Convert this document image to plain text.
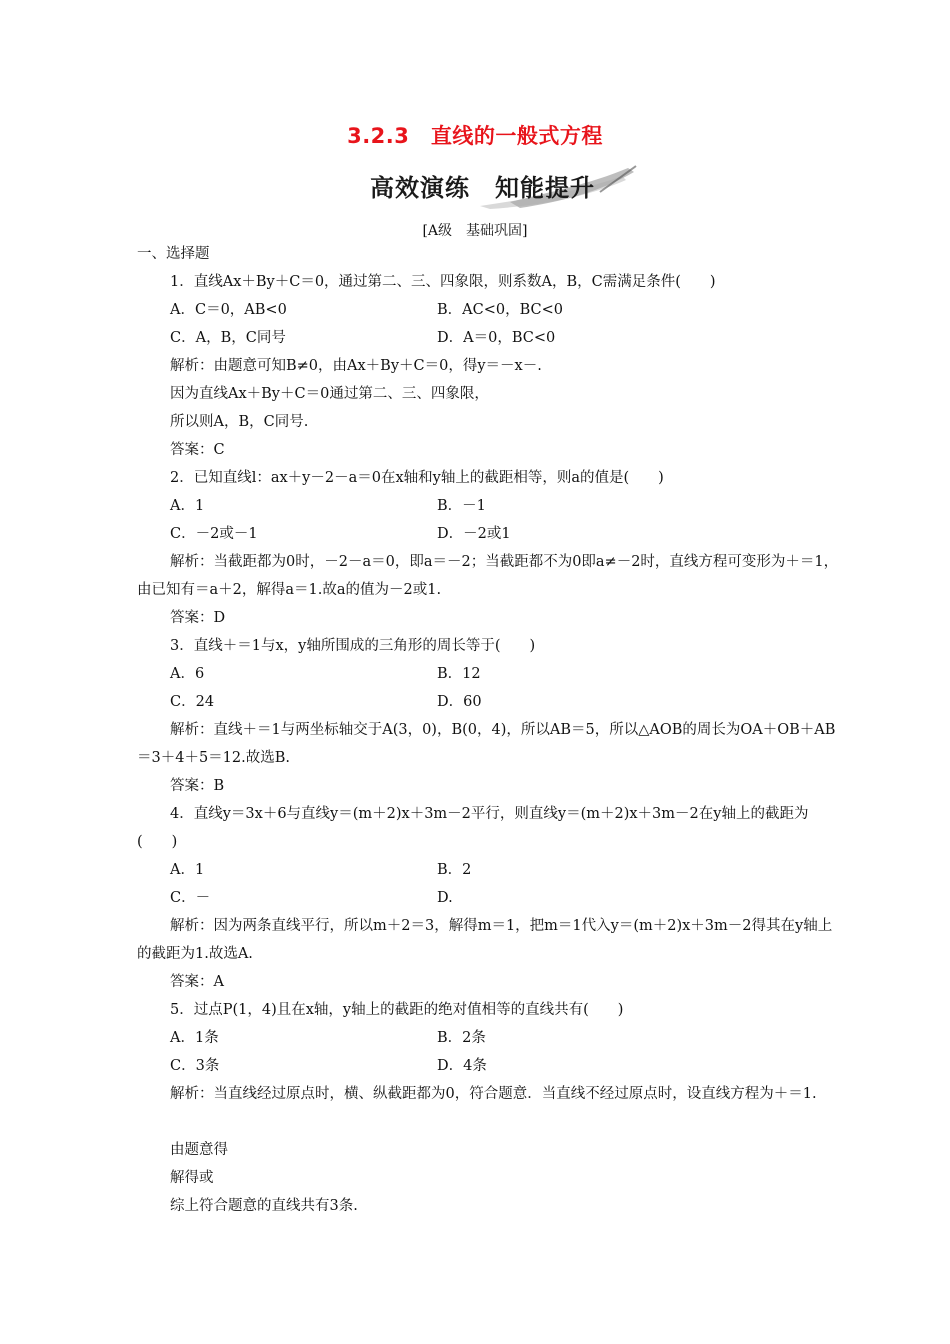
3.2.3　直线的一般式方程
高效演练　知能提升
[A级　基础巩固]
一、选择题
1．直线Ax＋By＋C＝0，通过第二、三、四象限，则系数A，B，C需满足条件(　　)
A．C＝0，AB<0	B．AC<0，BC<0
C．A，B，C同号	D．A＝0，BC<0
解析：由题意可知B≠0，由Ax＋By＋C＝0，得y＝－x－.
因为直线Ax＋By＋C＝0通过第二、三、四象限，
所以则A，B，C同号.
答案：C
2．已知直线l：ax＋y－2－a＝0在x轴和y轴上的截距相等，则a的值是(　　)
A．1	B．－1
C．－2或－1	D．－2或1
解析：当截距都为0时，－2－a＝0，即a＝－2；当截距都不为0即a≠－2时，直线方程可变形为＋＝1，由已知有＝a＋2，解得a＝1.故a的值为－2或1.
答案：D
3．直线＋＝1与x，y轴所围成的三角形的周长等于(　　)
A．6	B．12
C．24	D．60
解析：直线＋＝1与两坐标轴交于A(3，0)，B(0，4)，所以AB＝5，所以△AOB的周长为OA＋OB＋AB＝3＋4＋5＝12.故选B.
答案：B
4．直线y＝3x＋6与直线y＝(m＋2)x＋3m－2平行，则直线y＝(m＋2)x＋3m－2在y轴上的截距为(　　)
A．1	B．2
C．－	D.
解析：因为两条直线平行，所以m＋2＝3，解得m＝1，把m＝1代入y＝(m＋2)x＋3m－2得其在y轴上的截距为1.故选A.
答案：A
5．过点P(1，4)且在x轴，y轴上的截距的绝对值相等的直线共有(　　)
A．1条	B．2条
C．3条	D．4条
解析：当直线经过原点时，横、纵截距都为0，符合题意．当直线不经过原点时，设直线方程为＋＝1.
由题意得
解得或
综上符合题意的直线共有3条.
